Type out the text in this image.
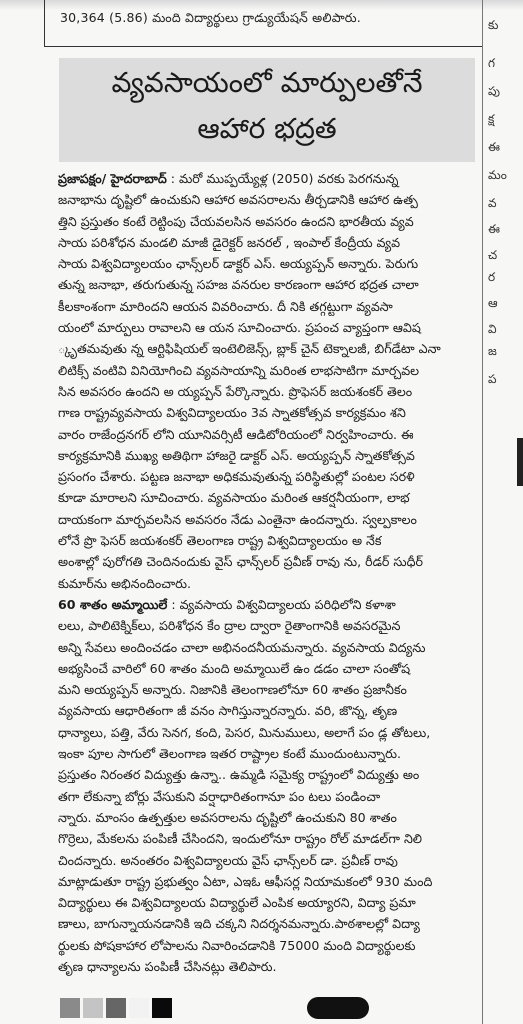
30,364 (5.86) మంది విద్యార్థులు గ్రాడ్యుయేషన్ అలిపారు.
వ్యవసాయంలో మార్పులతోనే
ఆహార భద్రత
ప్రజాపక్షం/ హైదరాబాద్ : మరో ముప్పయ్యేళ్ల (2050) వరకు పెరగనున్న
జనాభాను దృష్టిలో ఉంచుకుని ఆహార అవసరాలను తీర్చడానికి ఆహార ఉత్ప
త్తిని ప్రస్తుతం కంటే రెట్టింపు చేయవలసిన అవసరం ఉందని భారతీయ వ్యవ
సాయ పరిశోధన మండలి మాజీ డైరెక్టర్ జనరల్ , ఇంపాల్ కేంద్రీయ వ్యవ
సాయ విశ్వవిద్యాలయం ఛాన్స్‌లర్ డాక్టర్ ఎస్. అయ్యప్పన్ అన్నారు. పెరుగు
తున్న జనాభా, తరుగుతున్న సహజ వనరుల కారణంగా ఆహార భద్రత చాలా
కీలకాంశంగా మారిందని ఆయన వివరించారు. దీ నికి తగ్గట్టుగా వ్యవసా
యంలో మార్పులు రావాలని ఆ యన సూచించారు. ప్రపంచ వ్యాప్తంగా ఆవిష
్కృతమవుతు న్న ఆర్టిఫిషియల్ ఇంటెలిజెన్స్, బ్లాక్ చైన్ టెక్నాలజీ, బిగ్‌డేటా ఎనా
లిటిక్స్ వంటివి వినియోగించి వ్యవసాయాన్ని మరింత లాభసాటిగా మార్చవల
సిన అవసరం ఉందని అ య్యప్పన్ పేర్కొన్నారు. ప్రొఫెసర్ జయశంకర్ తెలం
గాణ రాష్ట్రవ్యవసాయ విశ్వవిద్యాలయం 3వ స్నాతకోత్సవ కార్యక్రమం శని
వారం రాజేంద్రనగర్ లోని యూనివర్సిటీ ఆడిటోరియంలో నిర్వహించారు. ఈ
కార్యక్రమానికి ముఖ్య అతిథిగా హాజరై డాక్టర్ ఎస్. అయ్యప్పన్ స్నాతకోత్సవ
ప్రసంగం చేశారు. పట్టణ జనాభా అధికమవుతున్న పరిస్థితుల్లో పంటల సరళి
కూడా మారాలని సూచించారు. వ్యవసాయం మరింత ఆకర్షనీయంగా, లాభ
దాయకంగా మార్చవలసిన అవసరం నేడు ఎంతైనా ఉందన్నారు. స్వల్పకాలం
లోనే ప్రొ ఫెసర్ జయశంకర్ తెలంగాణ రాష్ట్ర విశ్వవిద్యాలయం అ నేక
అంశాల్లో పురోగతి చెందినందుకు వైస్ ఛాన్స్‌లర్ ప్రవీణ్ రావు ను, రీడర్ సుధీర్
కుమార్‌ను అభినందించారు.
60 శాతం అమ్మాయిలే : వ్యవసాయ విశ్వవిద్యాలయ పరిధిలోని కళాశా
లలు, పాలిటెక్నిక్‌లు, పరిశోధన కేం ద్రాల ద్వారా రైతాంగానికి అవసరమైన
అన్ని సేవలు అందించడం చాలా అభినందనీయమన్నారు. వ్యవసాయ విద్యను
అభ్యసించే వారిలో 60 శాతం మంది అమ్మాయిలే ఉం డడం చాలా సంతోష
మని అయ్యప్పన్ అన్నారు. నిజానికి తెలంగాణలోనూ 60 శాతం ప్రజానీకం
వ్యవసాయ ఆధారితంగా జీ వనం సాగిస్తున్నారన్నారు. వరి, జొన్న, తృణ
ధాన్యాలు, పత్తి, వేరు సెనగ, కంది, పెసర, మినుములు, అలాగే పం డ్ల తోటలు,
ఇంకా పూల సాగులో తెలంగాణ ఇతర రాష్ట్రాల కంటే ముందుంటున్నారు.
ప్రస్తుతం నిరంతర విద్యుత్తు ఉన్నా.. ఉమ్మడి సమైక్య రాష్ట్రంలో విద్యుత్తు అం
తగా లేకున్నా బోర్లు వేసుకుని వర్షాధారితంగానూ పం టలు పండించా
న్నారు. మాంసం ఉత్పత్తుల అవసరాలను దృష్టిలో ఉంచుకుని 80 శాతం
గొర్రెలు, మేకలను పంపిణీ చేసిందని, ఇందులోనూ రాష్ట్రం రోల్ మాడల్‌గా నిలి
చిందన్నారు. అనంతరం విశ్వవిద్యాలయ వైస్ ఛాన్స్‌లర్ డా. ప్రవీణ్ రావు
మాట్లాడుతూ రాష్ట్ర ప్రభుత్వం ఏటా, ఎఇఓ ఆఫీసర్ల నియామకంలో 930 మంది
విద్యార్థులు ఈ విశ్వవిద్యాలయ విద్యార్థులే ఎంపిక అయ్యారని, విద్యా ప్రమా
ణాలు, బాగున్నాయనడానికి ఇది చక్కని నిదర్శనమన్నారు.పాఠశాలల్లో విద్యా
ర్థులకు పోషకాహార లోపాలను నివారించడానికి 75000 మంది విద్యార్థులకు
తృణ ధాన్యాలను పంపిణీ చేసినట్లు తెలిపారు.
కు
గ
పు
క్ష
ఈ
మం
వ
ఈ
చ
ర
ఆ
వి
జ
ప
